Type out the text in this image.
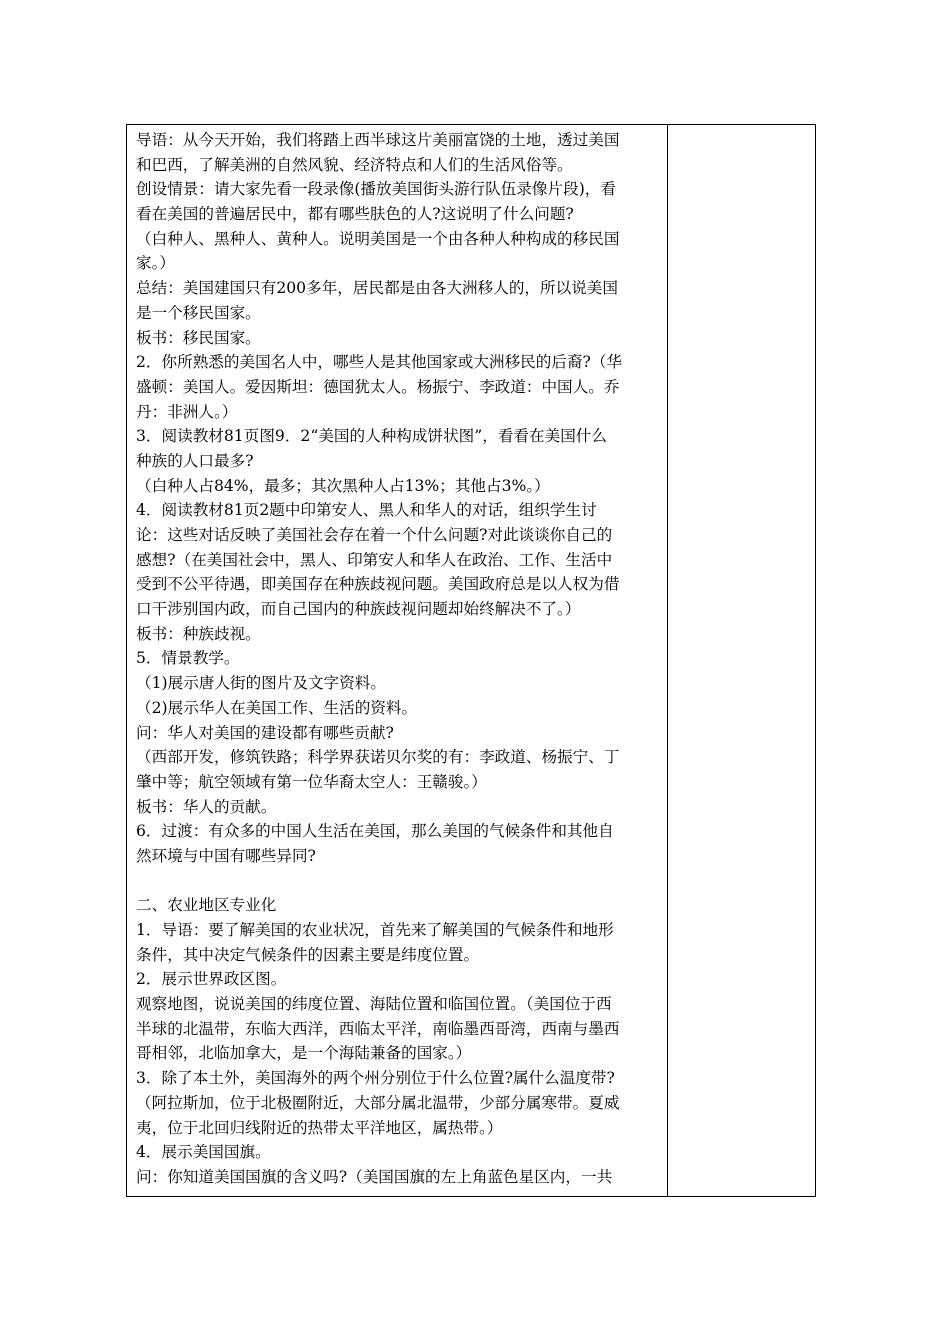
导语：从今天开始，我们将踏上西半球这片美丽富饶的土地，透过美国
和巴西，了解美洲的自然风貌、经济特点和人们的生活风俗等。
创设情景：请大家先看一段录像(播放美国街头游行队伍录像片段)，看
看在美国的普遍居民中，都有哪些肤色的人?这说明了什么问题?
（白种人、黑种人、黄种人。说明美国是一个由各种人种构成的移民国
家。）
总结：美国建国只有200多年，居民都是由各大洲移人的，所以说美国
是一个移民国家。
板书：移民国家。
2．你所熟悉的美国名人中，哪些人是其他国家或大洲移民的后裔?（华
盛顿：美国人。爱因斯坦：德国犹太人。杨振宁、李政道：中国人。乔
丹：非洲人。）
3．阅读教材81页图9．2“美国的人种构成饼状图”，看看在美国什么
种族的人口最多?
（白种人占84%，最多；其次黑种人占13%；其他占3%。）
4．阅读教材81页2题中印第安人、黑人和华人的对话，组织学生讨
论：这些对话反映了美国社会存在着一个什么问题?对此谈谈你自己的
感想?（在美国社会中，黑人、印第安人和华人在政治、工作、生活中
受到不公平待遇，即美国存在种族歧视问题。美国政府总是以人权为借
口干涉别国内政，而自己国内的种族歧视问题却始终解决不了。）
板书：种族歧视。
5．情景教学。
（1)展示唐人街的图片及文字资料。
（2)展示华人在美国工作、生活的资料。
问：华人对美国的建设都有哪些贡献?
（西部开发，修筑铁路；科学界获诺贝尔奖的有：李政道、杨振宁、丁
肇中等；航空领域有第一位华裔太空人：王赣骏。）
板书：华人的贡献。
6．过渡：有众多的中国人生活在美国，那么美国的气候条件和其他自
然环境与中国有哪些异同?
二、农业地区专业化
1．导语：要了解美国的农业状况，首先来了解美国的气候条件和地形
条件，其中决定气候条件的因素主要是纬度位置。
2．展示世界政区图。
观察地图，说说美国的纬度位置、海陆位置和临国位置。（美国位于西
半球的北温带，东临大西洋，西临太平洋，南临墨西哥湾，西南与墨西
哥相邻，北临加拿大，是一个海陆兼备的国家。）
3．除了本土外，美国海外的两个州分别位于什么位置?属什么温度带?
（阿拉斯加，位于北极圈附近，大部分属北温带，少部分属寒带。夏威
夷，位于北回归线附近的热带太平洋地区，属热带。）
4．展示美国国旗。
问：你知道美国国旗的含义吗?（美国国旗的左上角蓝色星区内，一共
